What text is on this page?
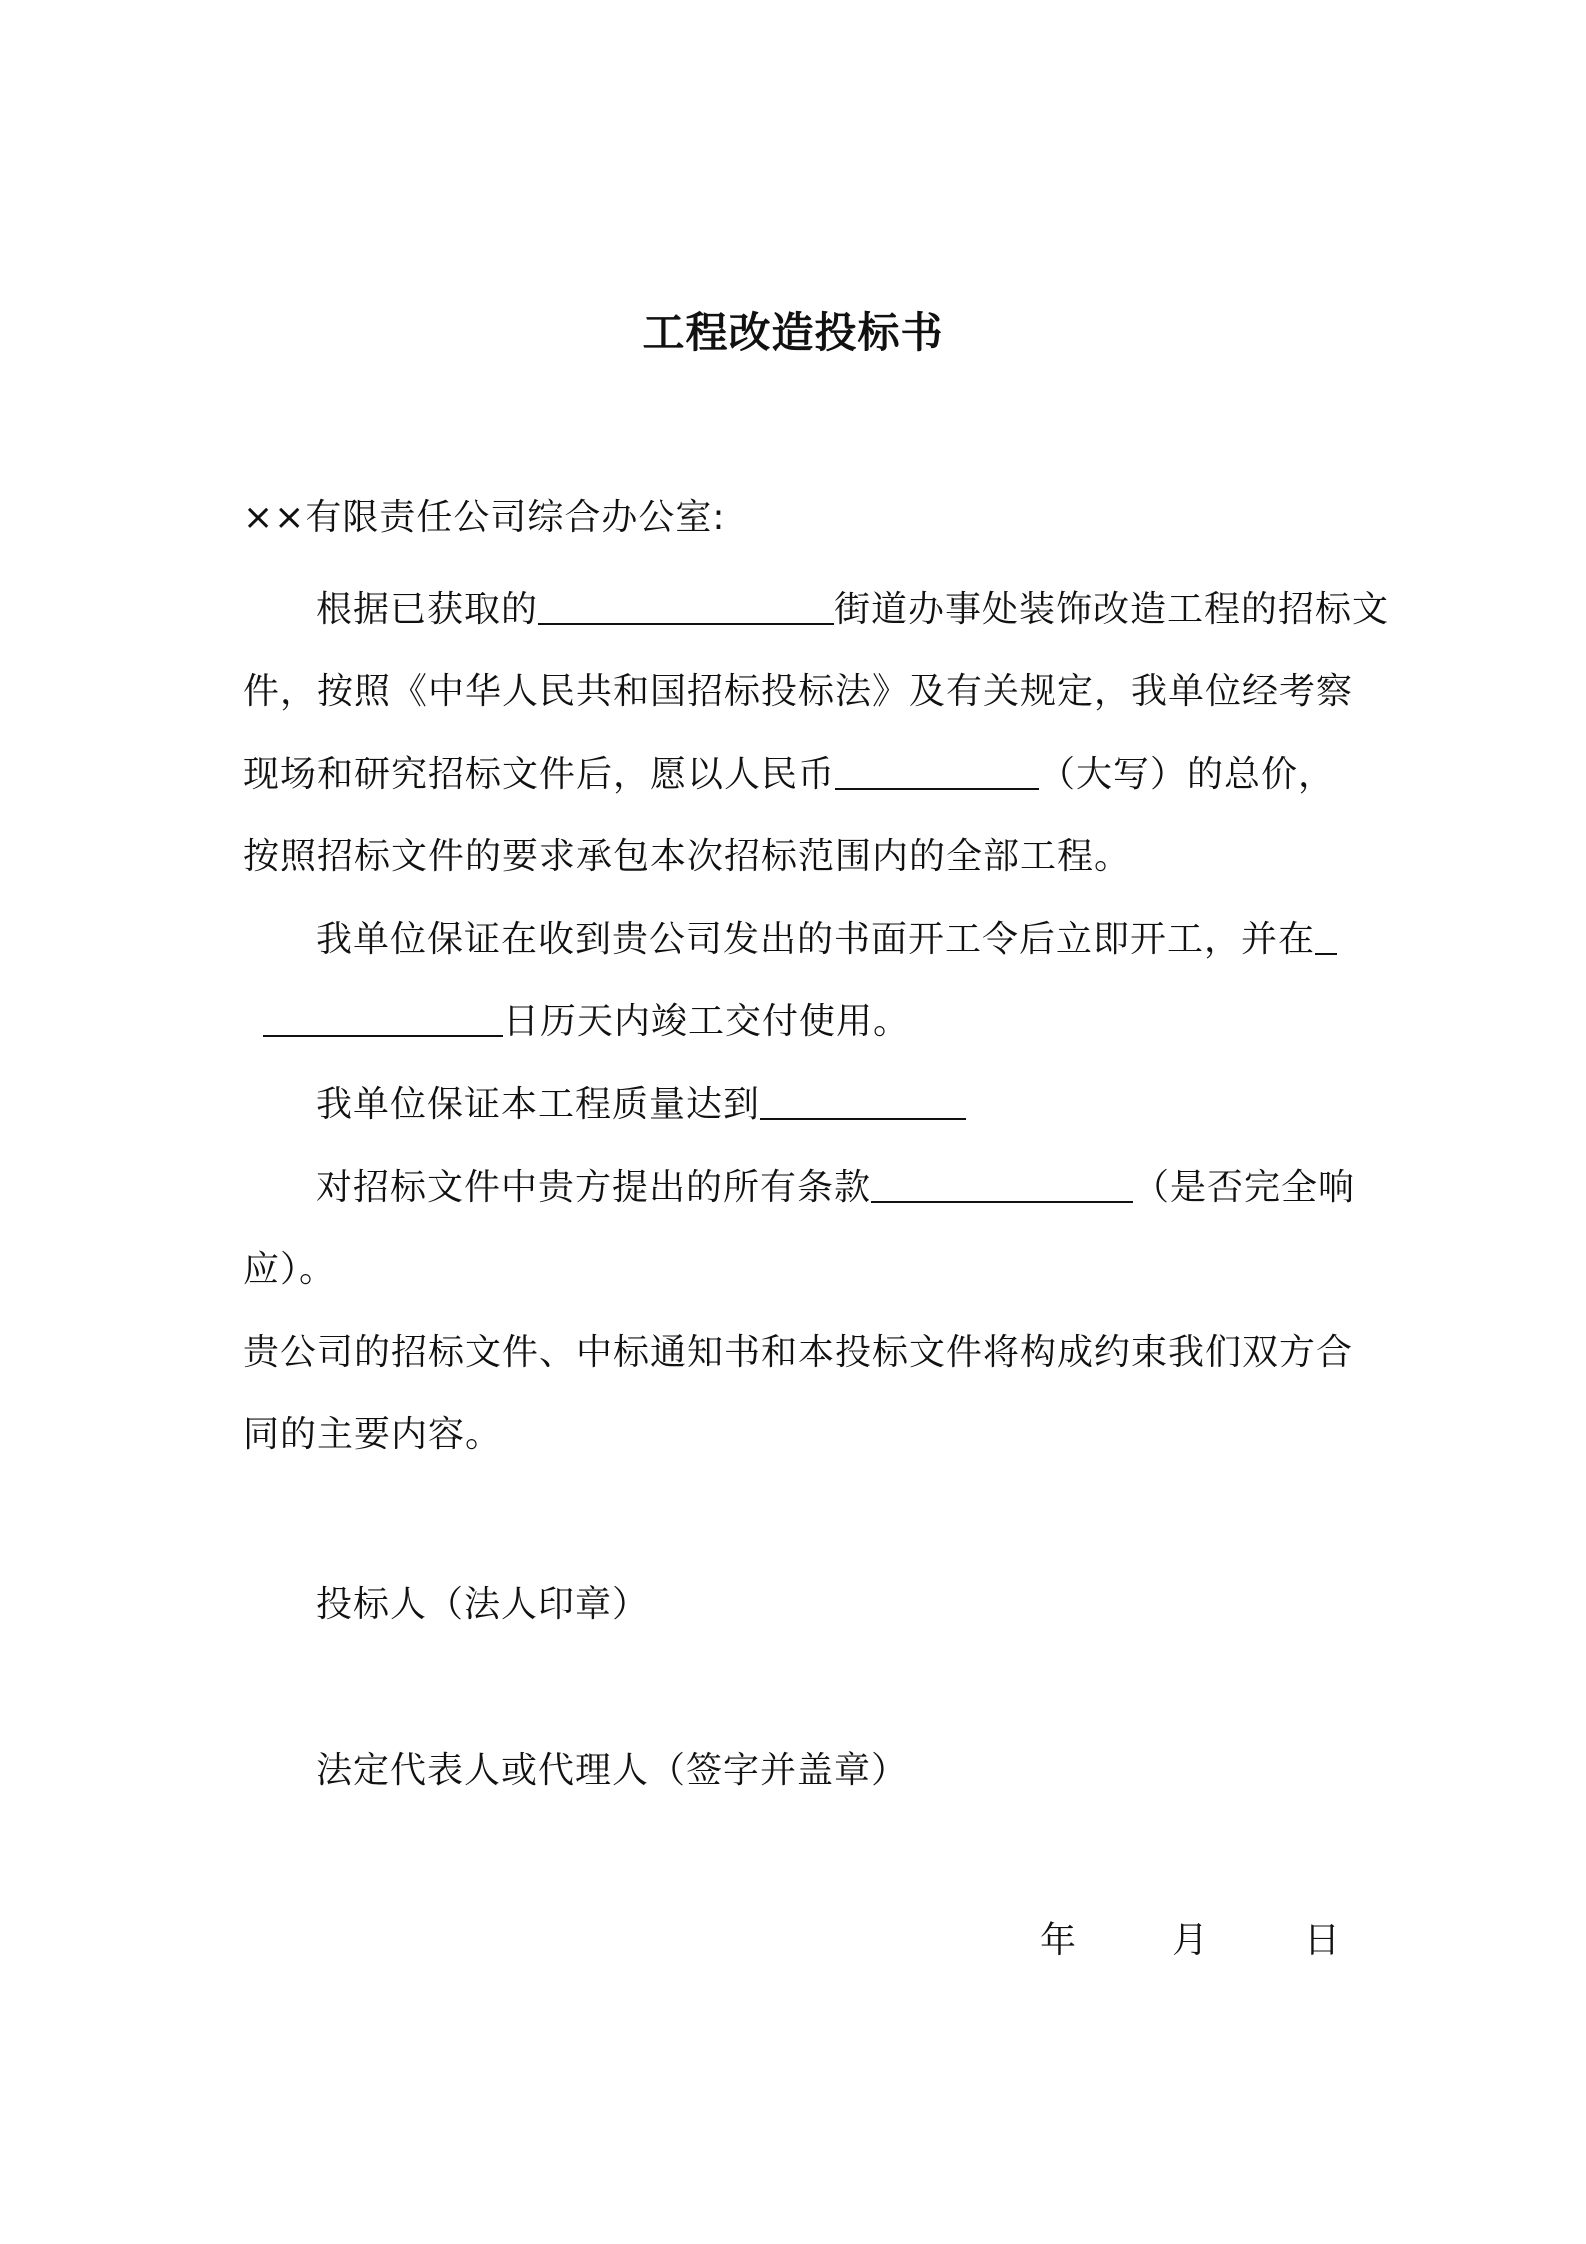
工程改造投标书
××有限责任公司综合办公室:
根据已获取的	街道办事处装饰改造工程的招标文
件，按照《中华人民共和国招标投标法》及有关规定，我单位经考察
现场和研究招标文件后，愿以人民币	（大写）的总价，
按照招标文件的要求承包本次招标范围内的全部工程。
我单位保证在收到贵公司发出的书面开工令后立即开工，并在
日历天内竣工交付使用。
我单位保证本工程质量达到
对招标文件中贵方提出的所有条款	（是否完全响
应）。
贵公司的招标文件、中标通知书和本投标文件将构成约束我们双方合
同的主要内容。
投标人（法人印章）
法定代表人或代理人（签字并盖章）
年	月	日
